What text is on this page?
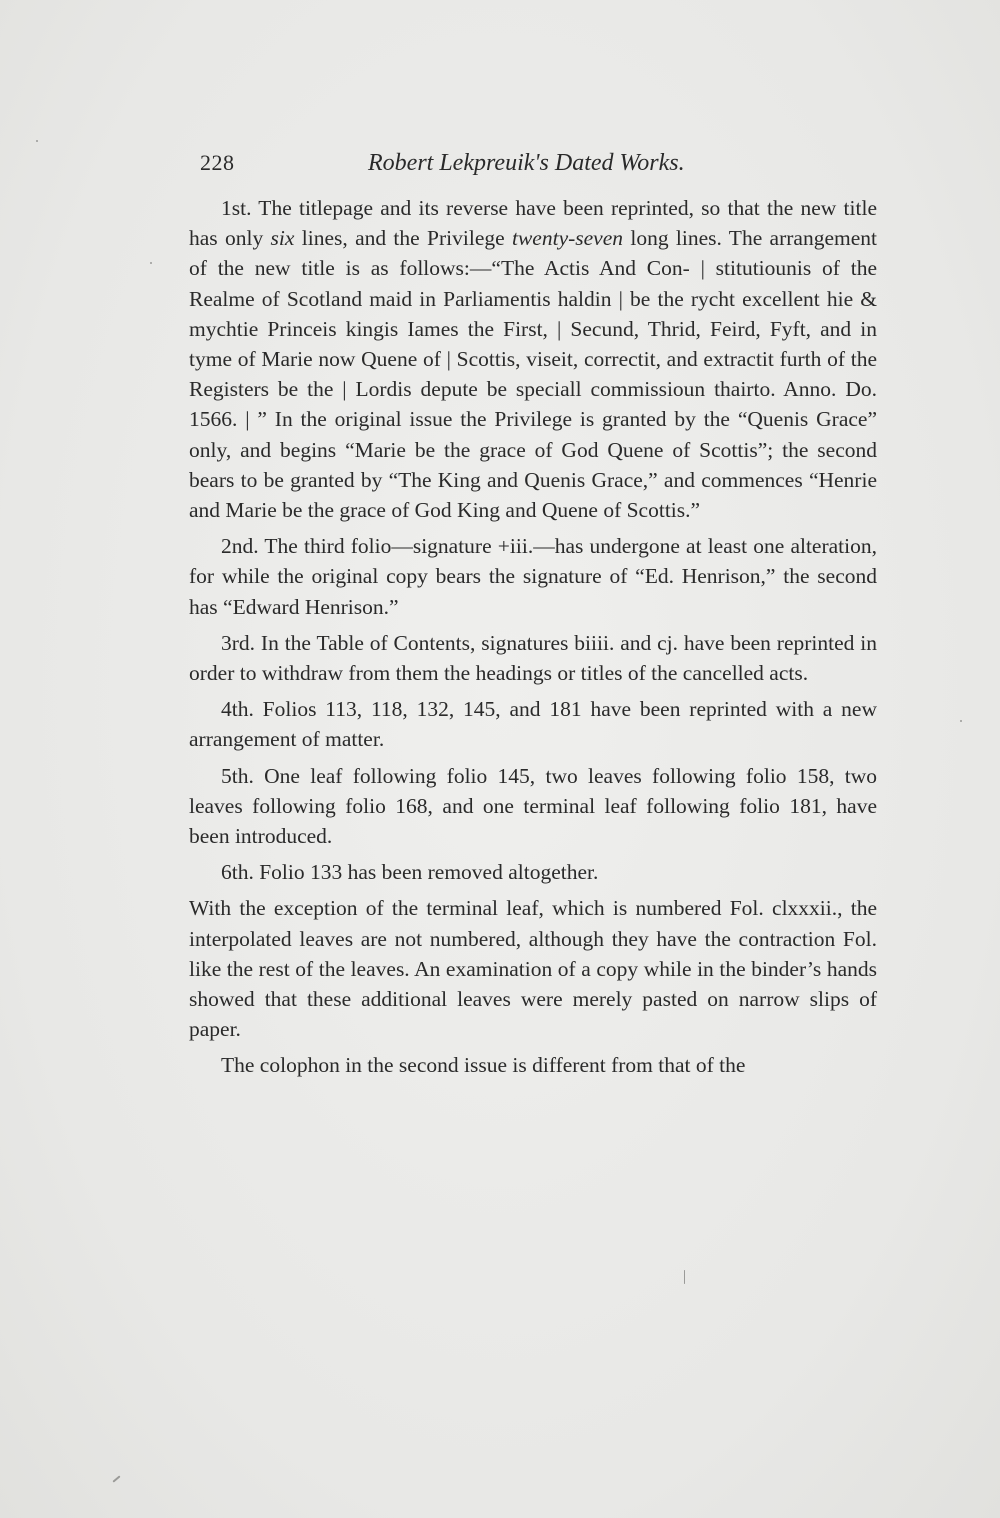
228	Robert Lekpreuik's Dated Works.

1st. The titlepage and its reverse have been reprinted, so that the new title has only six lines, and the Privilege twenty-seven long lines. The arrangement of the new title is as follows:—“The Actis And Con- | stitutiounis of the Realme of Scotland maid in Parliamentis haldin | be the rycht excellent hie & mychtie Princeis kingis Iames the First, | Secund, Thrid, Feird, Fyft, and in tyme of Marie now Quene of | Scottis, viseit, correctit, and extractit furth of the Registers be the | Lordis depute be speciall commissioun thairto. Anno. Do. 1566. | ” In the original issue the Privilege is granted by the “Quenis Grace” only, and begins “Marie be the grace of God Quene of Scottis”; the second bears to be granted by “The King and Quenis Grace,” and commences “Henrie and Marie be the grace of God King and Quene of Scottis.”

2nd. The third folio—signature +iii.—has undergone at least one alteration, for while the original copy bears the signature of “Ed. Henrison,” the second has “Edward Henrison.”

3rd. In the Table of Contents, signatures biiii. and cj. have been reprinted in order to withdraw from them the headings or titles of the cancelled acts.

4th. Folios 113, 118, 132, 145, and 181 have been reprinted with a new arrangement of matter.

5th. One leaf following folio 145, two leaves following folio 158, two leaves following folio 168, and one terminal leaf following folio 181, have been introduced.

6th. Folio 133 has been removed altogether.

With the exception of the terminal leaf, which is numbered Fol. clxxxii., the interpolated leaves are not numbered, although they have the contraction Fol. like the rest of the leaves. An examination of a copy while in the binder’s hands showed that these additional leaves were merely pasted on narrow slips of paper.

The colophon in the second issue is different from that of the
